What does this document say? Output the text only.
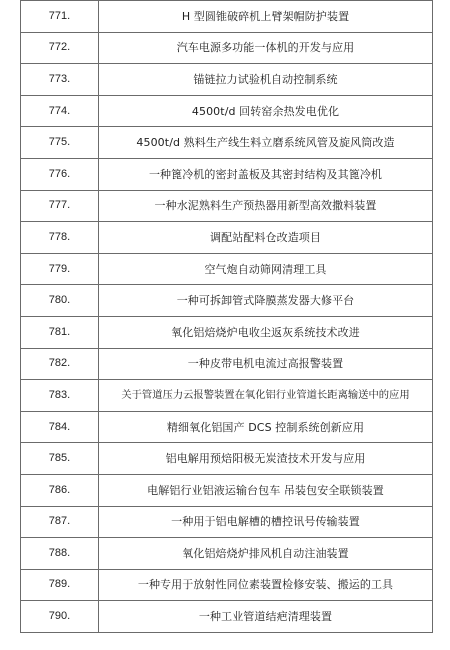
771.	H 型圆锥破碎机上臂架帽防护装置
772.	汽车电源多功能一体机的开发与应用
773.	锚链拉力试验机自动控制系统
774.	4500t/d 回转窑余热发电优化
775.	4500t/d 熟料生产线生料立磨系统风管及旋风筒改造
776.	一种篦冷机的密封盖板及其密封结构及其篦冷机
777.	一种水泥熟料生产预热器用新型高效撒料装置
778.	调配站配料仓改造项目
779.	空气炮自动筛网清理工具
780.	一种可拆卸管式降膜蒸发器大修平台
781.	氧化铝焙烧炉电收尘返灰系统技术改进
782.	一种皮带电机电流过高报警装置
783.	关于管道压力云报警装置在氧化铝行业管道长距离输送中的应用
784.	精细氧化铝国产 DCS 控制系统创新应用
785.	铝电解用预焙阳极无炭渣技术开发与应用
786.	电解铝行业铝液运输台包车 吊装包安全联锁装置
787.	一种用于铝电解槽的槽控讯号传输装置
788.	氧化铝焙烧炉排风机自动注油装置
789.	一种专用于放射性同位素装置检修安装、搬运的工具
790.	一种工业管道结疤清理装置
